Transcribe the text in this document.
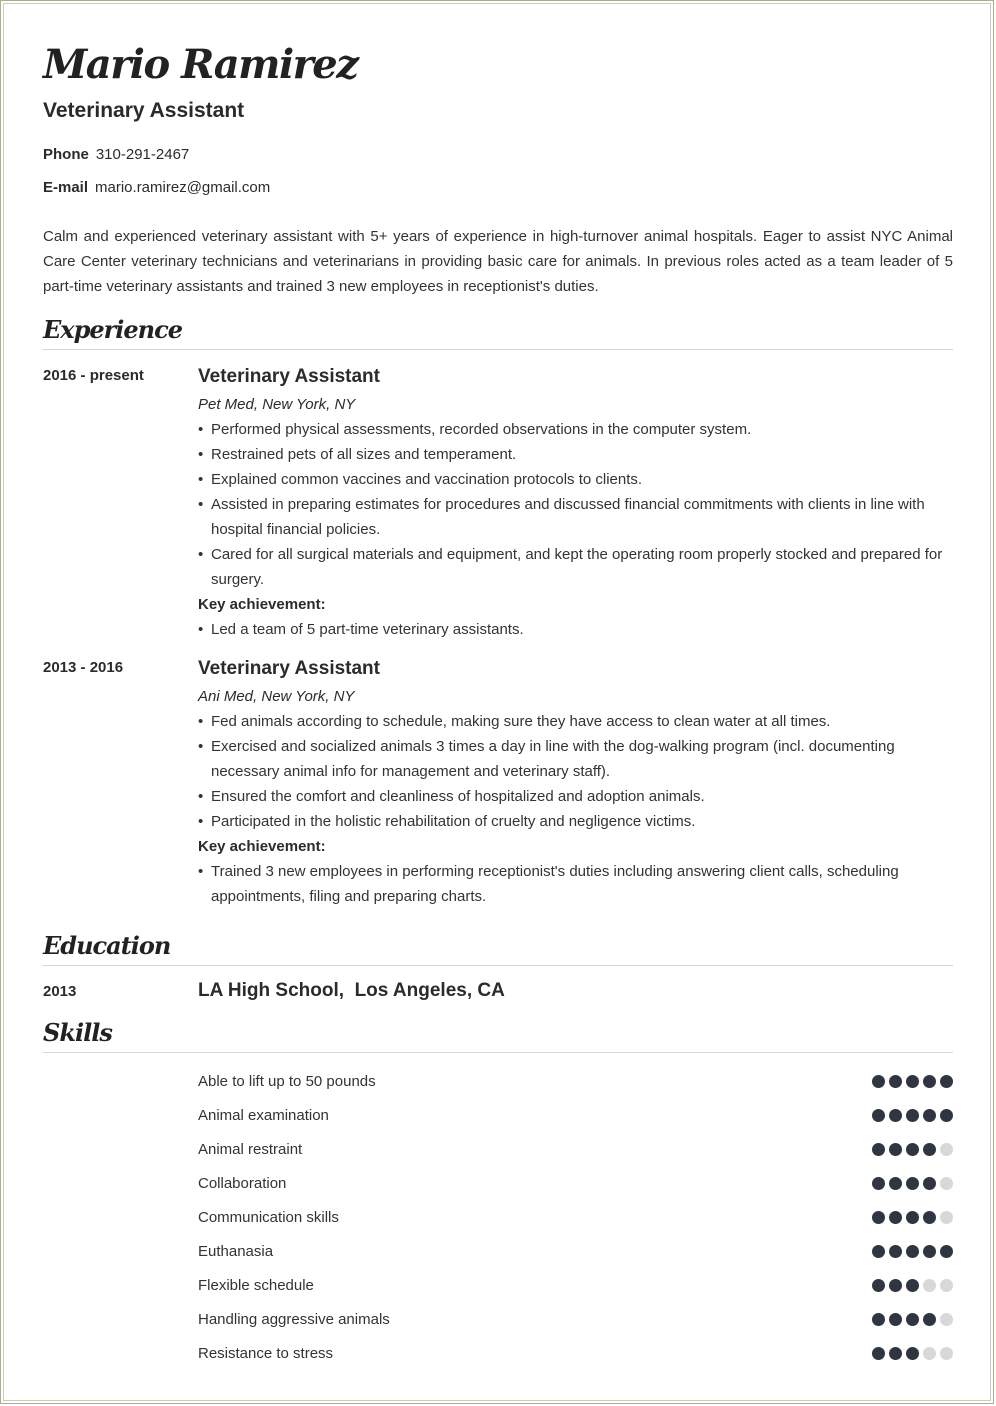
Mario Ramirez
Veterinary Assistant
Phone 310-291-2467
E-mail mario.ramirez@gmail.com
Calm and experienced veterinary assistant with 5+ years of experience in high-turnover animal hospitals. Eager to assist NYC Animal Care Center veterinary technicians and veterinarians in providing basic care for animals. In previous roles acted as a team leader of 5 part-time veterinary assistants and trained 3 new employees in receptionist's duties.
Experience
2016 - present	Veterinary Assistant
Pet Med, New York, NY
• Performed physical assessments, recorded observations in the computer system.
• Restrained pets of all sizes and temperament.
• Explained common vaccines and vaccination protocols to clients.
• Assisted in preparing estimates for procedures and discussed financial commitments with clients in line with hospital financial policies.
• Cared for all surgical materials and equipment, and kept the operating room properly stocked and prepared for surgery.
Key achievement:
• Led a team of 5 part-time veterinary assistants.
2013 - 2016	Veterinary Assistant
Ani Med, New York, NY
• Fed animals according to schedule, making sure they have access to clean water at all times.
• Exercised and socialized animals 3 times a day in line with the dog-walking program (incl. documenting necessary animal info for management and veterinary staff).
• Ensured the comfort and cleanliness of hospitalized and adoption animals.
• Participated in the holistic rehabilitation of cruelty and negligence victims.
Key achievement:
• Trained 3 new employees in performing receptionist's duties including answering client calls, scheduling appointments, filing and preparing charts.
Education
2013	LA High School,  Los Angeles, CA
Skills
Able to lift up to 50 pounds
Animal examination
Animal restraint
Collaboration
Communication skills
Euthanasia
Flexible schedule
Handling aggressive animals
Resistance to stress
